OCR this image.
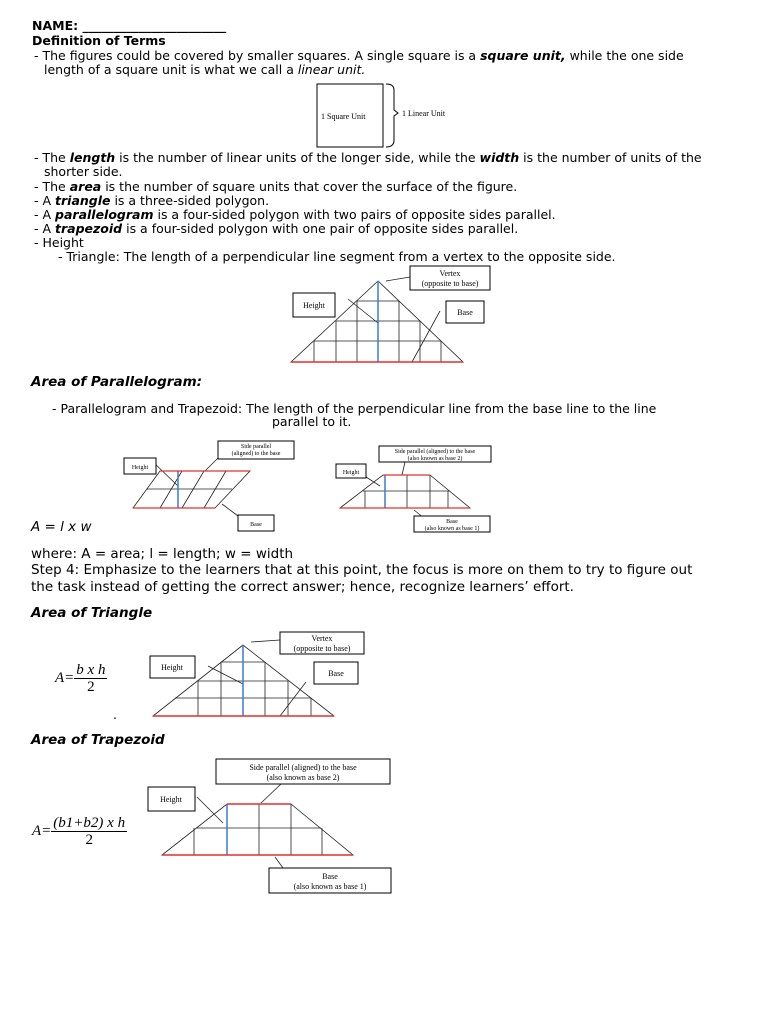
NAME: _______________________
Definition of Terms
- The figures could be covered by smaller squares. A single square is a square unit, while the one side
length of a square unit is what we call a linear unit.
1 Square Unit	1 Linear Unit
- The length is the number of linear units of the longer side, while the width is the number of units of the
shorter side.
- The area is the number of square units that cover the surface of the figure.
- A triangle is a three-sided polygon.
- A parallelogram is a four-sided polygon with two pairs of opposite sides parallel.
- A trapezoid is a four-sided polygon with one pair of opposite sides parallel.
- Height
- Triangle: The length of a perpendicular line segment from a vertex to the opposite side.
Vertex
(opposite to base)
Height
Base
Area of Parallelogram:
- Parallelogram and Trapezoid: The length of the perpendicular line from the base line to the line
parallel to it.
Height
Side parallel
(aligned) to the base
Base
Height
Side parallel (aligned) to the base
(also known as base 2)
Base
(also known as base 1)
A = l x w
where: A = area; l = length; w = width
Step 4: Emphasize to the learners that at this point, the focus is more on them to try to figure out
the task instead of getting the correct answer; hence, recognize learners’ effort.
Area of Triangle
$A= \frac{\text{b x h}}{2}$
.
Vertex
(opposite to base)
Height
Base
Area of Trapezoid
$A= \frac{\text{(b1+b2) x h}}{2}$
Side parallel (aligned) to the base
(also known as base 2)
Height
Base
(also known as base 1)
